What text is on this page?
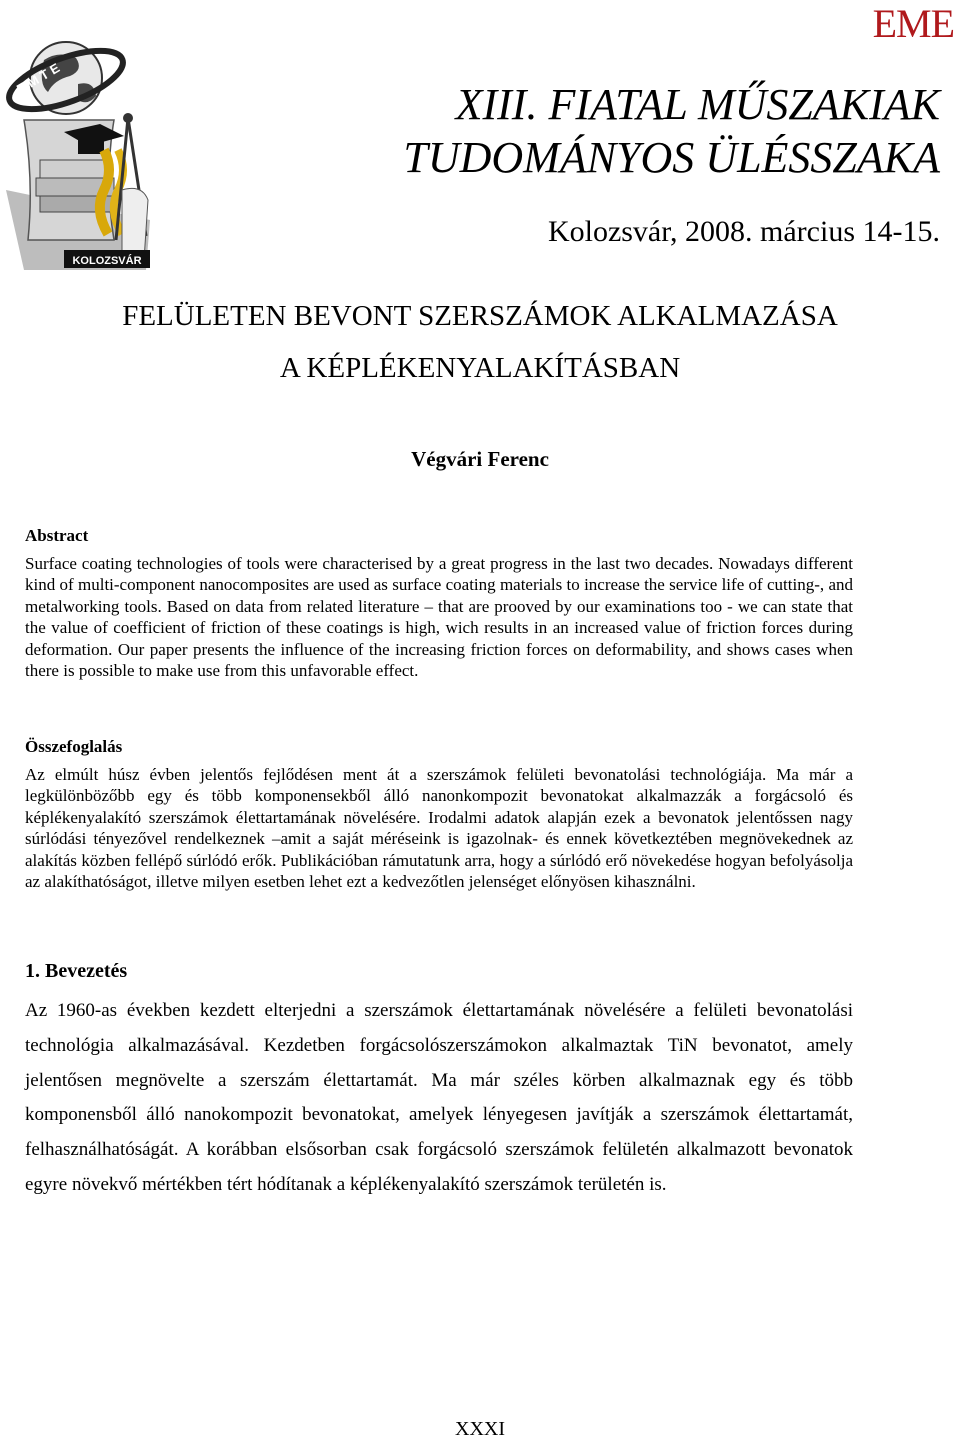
EME
E M T E
KOLOZSVÁR
XIII. FIATAL MŰSZAKIAK
TUDOMÁNYOS ÜLÉSSZAKA
Kolozsvár, 2008. március 14-15.
FELÜLETEN BEVONT SZERSZÁMOK ALKALMAZÁSA
A KÉPLÉKENYALAKÍTÁSBAN
Végvári Ferenc
Abstract

Surface coating technologies of tools were characterised by a great progress in the last two decades. Nowadays different kind of multi-component nanocomposites are used as surface coating materials to increase the service life of cutting-, and metalworking tools. Based on data from related literature – that are prooved by our examinations too - we can state that the value of coefficient of friction of these coatings is high, wich results in an increased value of friction forces during deformation. Our paper presents the influence of the increasing friction forces on deformability, and shows cases when there is possible to make use from this unfavorable effect.

Összefoglalás

Az elmúlt húsz évben jelentős fejlődésen ment át a szerszámok felületi bevonatolási technológiája. Ma már a legkülönbözőbb egy és több komponensekből álló nanonkompozit bevonatokat alkalmazzák a forgácsoló és képlékenyalakító szerszámok élettartamának növelésére. Irodalmi adatok alapján ezek a bevonatok jelentőssen nagy súrlódási tényezővel rendelkeznek –amit a saját méréseink is igazolnak- és ennek következtében megnövekednek az alakítás közben fellépő súrlódó erők. Publikációban rámutatunk arra, hogy a súrlódó erő növekedése hogyan befolyásolja az alakíthatóságot, illetve milyen esetben lehet ezt a kedvezőtlen jelenséget előnyösen kihasználni.

1. Bevezetés

Az 1960-as években kezdett elterjedni a szerszámok élettartamának növelésére a felületi bevonatolási technológia alkalmazásával. Kezdetben forgácsolószerszámokon alkalmaztak TiN bevonatot, amely jelentősen megnövelte a szerszám élettartamát. Ma már széles körben alkalmaznak egy és több komponensből álló nanokompozit bevonatokat, amelyek lényegesen javítják a szerszámok élettartamát, felhasználhatóságát. A korábban elsősorban csak forgácsoló szerszámok felületén alkalmazott bevonatok egyre növekvő mértékben tért hódítanak a képlékenyalakító szerszámok területén is.

XXXI
